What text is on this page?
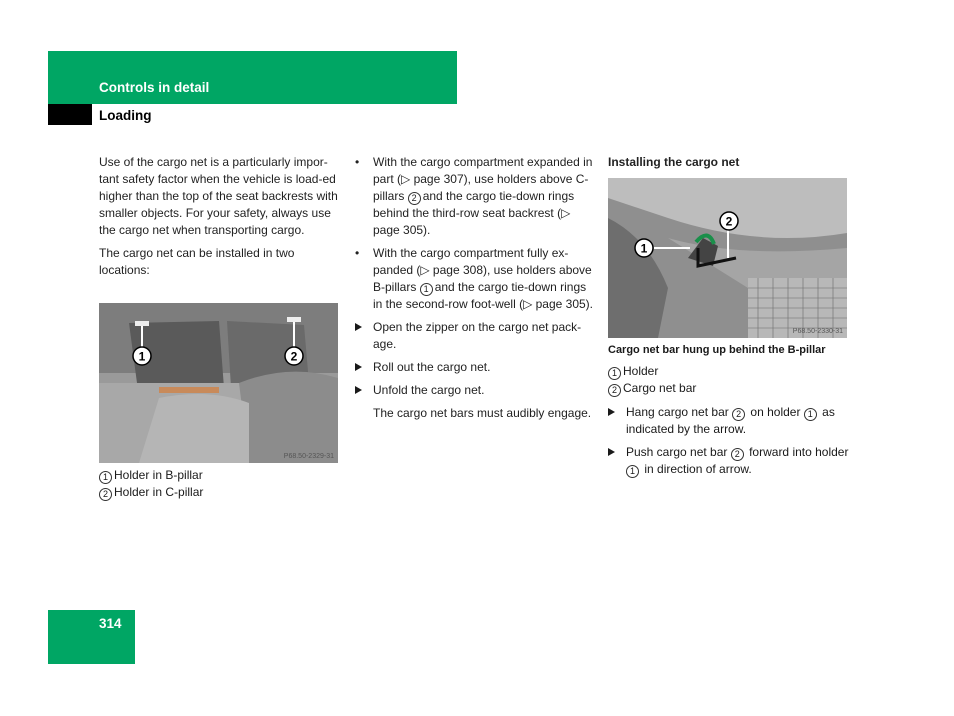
Controls in detail
Loading

Use of the cargo net is a particularly impor-tant safety factor when the vehicle is load-ed higher than the top of the seat backrests with smaller objects. For your safety, always use the cargo net when transporting cargo.

The cargo net can be installed in two locations:

1	2
P68.50-2329-31
1 Holder in B-pillar
2 Holder in C-pillar
• With the cargo compartment expanded in part (▷ page 307), use holders above C-pillars 2 and the cargo tie-down rings behind the third-row seat backrest (▷ page 305).
• With the cargo compartment fully ex-panded (▷ page 308), use holders above B-pillars 1 and the cargo tie-down rings in the second-row foot-well (▷ page 305).
Open the zipper on the cargo net pack-age.
Roll out the cargo net.
Unfold the cargo net.

The cargo net bars must audibly engage.

Installing the cargo net
1
2
P68.50-2330-31
Cargo net bar hung up behind the B-pillar
1 Holder
2 Cargo net bar
Hang cargo net bar 2 on holder 1 as indicated by the arrow.
Push cargo net bar 2 forward into holder 1 in direction of arrow.
314
